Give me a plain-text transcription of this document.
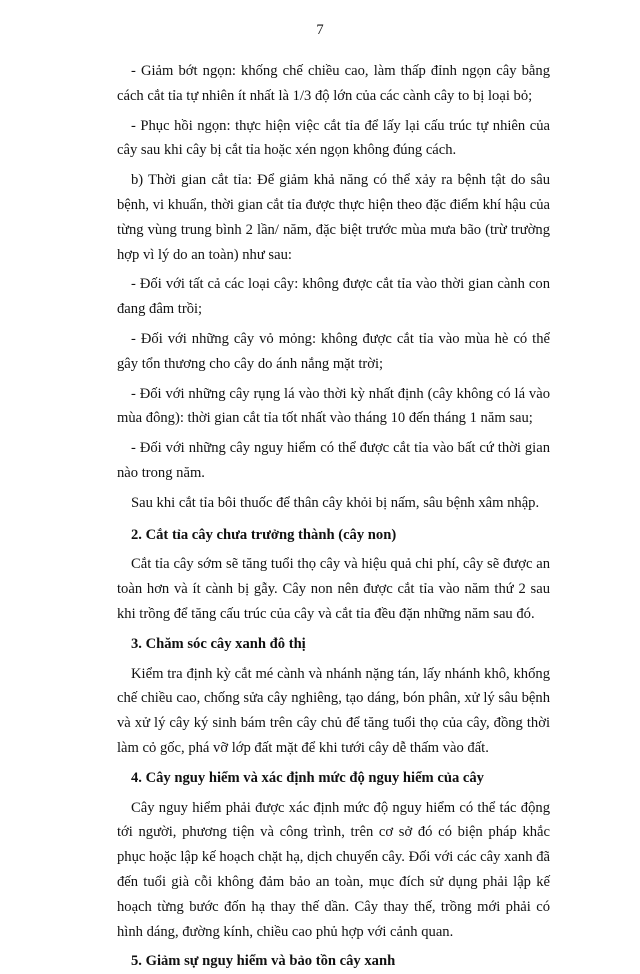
7

- Giảm bớt ngọn: khống chế chiều cao, làm thấp đỉnh ngọn cây bằng cách cắt tỉa tự nhiên ít nhất là 1/3 độ lớn của các cành cây to bị loại bỏ;

- Phục hồi ngọn: thực hiện việc cắt tỉa để lấy lại cấu trúc tự nhiên của cây sau khi cây bị cắt tỉa hoặc xén ngọn không đúng cách.

b) Thời gian cắt tỉa: Để giảm khả năng có thể xảy ra bệnh tật do sâu bệnh, vi khuẩn, thời gian cắt tỉa được thực hiện theo đặc điểm khí hậu của từng vùng trung bình 2 lần/ năm, đặc biệt trước mùa mưa bão (trừ trường hợp vì lý do an toàn) như sau:

- Đối với tất cả các loại cây: không được cắt tỉa vào thời gian cành con đang đâm trồi;

- Đối với những cây vỏ mỏng: không được cắt tỉa vào mùa hè có thể gây tổn thương cho cây do ánh nắng mặt trời;

- Đối với những cây rụng lá vào thời kỳ nhất định (cây không có lá vào mùa đông): thời gian cắt tỉa tốt nhất vào tháng 10 đến tháng 1 năm sau;

- Đối với những cây nguy hiểm có thể được cắt tỉa vào bất cứ thời gian nào trong năm.

Sau khi cắt tỉa bôi thuốc để thân cây khỏi bị nấm, sâu bệnh xâm nhập.

2. Cắt tỉa cây chưa trưởng thành (cây non)

Cắt tỉa cây sớm sẽ tăng tuổi thọ cây và hiệu quả chi phí, cây sẽ được an toàn hơn và ít cành bị gẫy. Cây non nên được cắt tỉa vào năm thứ 2 sau khi trồng để tăng cấu trúc của cây và cắt tỉa đều đặn những năm sau đó.

3. Chăm sóc cây xanh đô thị

Kiểm tra định kỳ cắt mé cành và nhánh nặng tán, lấy nhánh khô, khống chế chiều cao, chống sửa cây nghiêng, tạo dáng, bón phân, xử lý sâu bệnh và xử lý cây ký sinh bám trên cây chủ để tăng tuổi thọ của cây, đồng thời làm cỏ gốc, phá vỡ lớp đất mặt để khi tưới cây dễ thấm vào đất.

4. Cây nguy hiểm và xác định mức độ nguy hiểm của cây

Cây nguy hiểm phải được xác định mức độ nguy hiểm có thể tác động tới người, phương tiện và công trình, trên cơ sở đó có biện pháp khắc phục hoặc lập kế hoạch chặt hạ, dịch chuyển cây. Đối với các cây xanh đã đến tuổi già cỗi không đảm bảo an toàn, mục đích sử dụng phải lập kế hoạch từng bước đốn hạ thay thế dần. Cây thay thế, trồng mới phải có hình dáng, đường kính, chiều cao phủ hợp với cảnh quan.

5. Giảm sự nguy hiểm và bảo tồn cây xanh
